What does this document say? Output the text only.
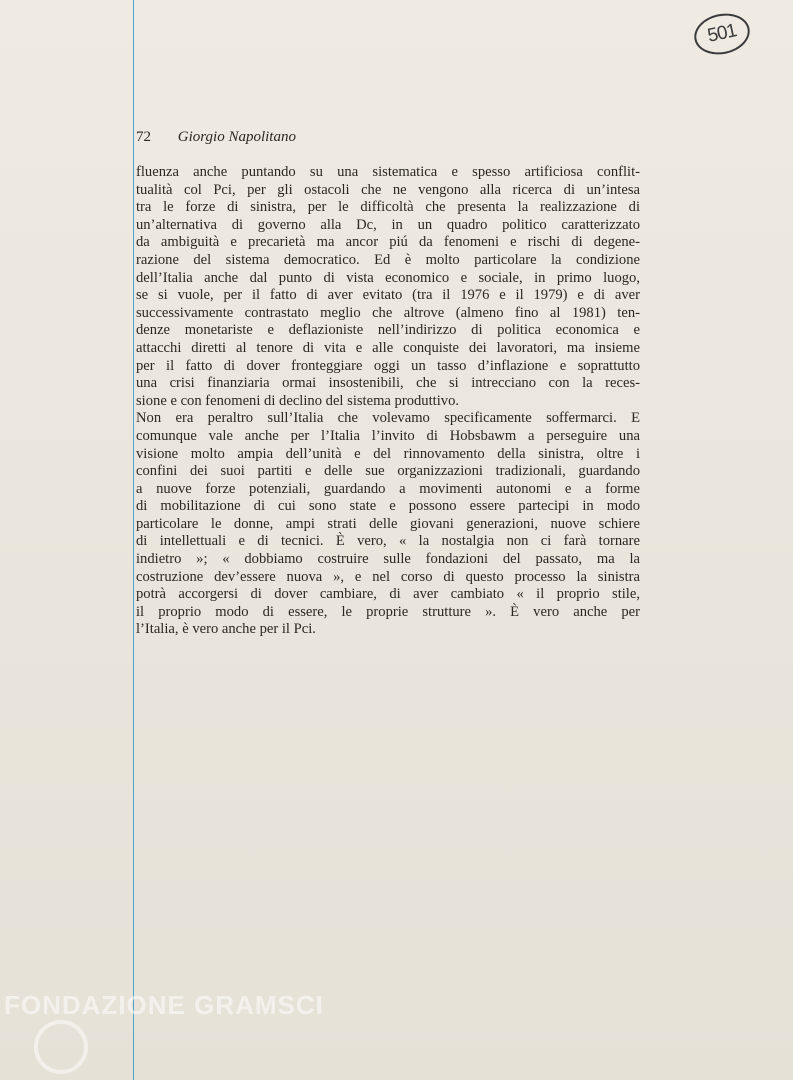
501
72 Giorgio Napolitano
fluenza anche puntando su una sistematica e spesso artificiosa conflit-
tualità col Pci, per gli ostacoli che ne vengono alla ricerca di un’intesa
tra le forze di sinistra, per le difficoltà che presenta la realizzazione di
un’alternativa di governo alla Dc, in un quadro politico caratterizzato
da ambiguità e precarietà ma ancor piú da fenomeni e rischi di degene-
razione del sistema democratico. Ed è molto particolare la condizione
dell’Italia anche dal punto di vista economico e sociale, in primo luogo,
se si vuole, per il fatto di aver evitato (tra il 1976 e il 1979) e di aver
successivamente contrastato meglio che altrove (almeno fino al 1981) ten-
denze monetariste e deflazioniste nell’indirizzo di politica economica e
attacchi diretti al tenore di vita e alle conquiste dei lavoratori, ma insieme
per il fatto di dover fronteggiare oggi un tasso d’inflazione e soprattutto
una crisi finanziaria ormai insostenibili, che si intrecciano con la reces-
sione e con fenomeni di declino del sistema produttivo.
Non era peraltro sull’Italia che volevamo specificamente soffermarci. E
comunque vale anche per l’Italia l’invito di Hobsbawm a perseguire una
visione molto ampia dell’unità e del rinnovamento della sinistra, oltre i
confini dei suoi partiti e delle sue organizzazioni tradizionali, guardando
a nuove forze potenziali, guardando a movimenti autonomi e a forme
di mobilitazione di cui sono state e possono essere partecipi in modo
particolare le donne, ampi strati delle giovani generazioni, nuove schiere
di intellettuali e di tecnici. È vero, « la nostalgia non ci farà tornare
indietro »; « dobbiamo costruire sulle fondazioni del passato, ma la
costruzione dev’essere nuova », e nel corso di questo processo la sinistra
potrà accorgersi di dover cambiare, di aver cambiato « il proprio stile,
il proprio modo di essere, le proprie strutture ». È vero anche per
l’Italia, è vero anche per il Pci.
FONDAZIONE GRAMSCI
